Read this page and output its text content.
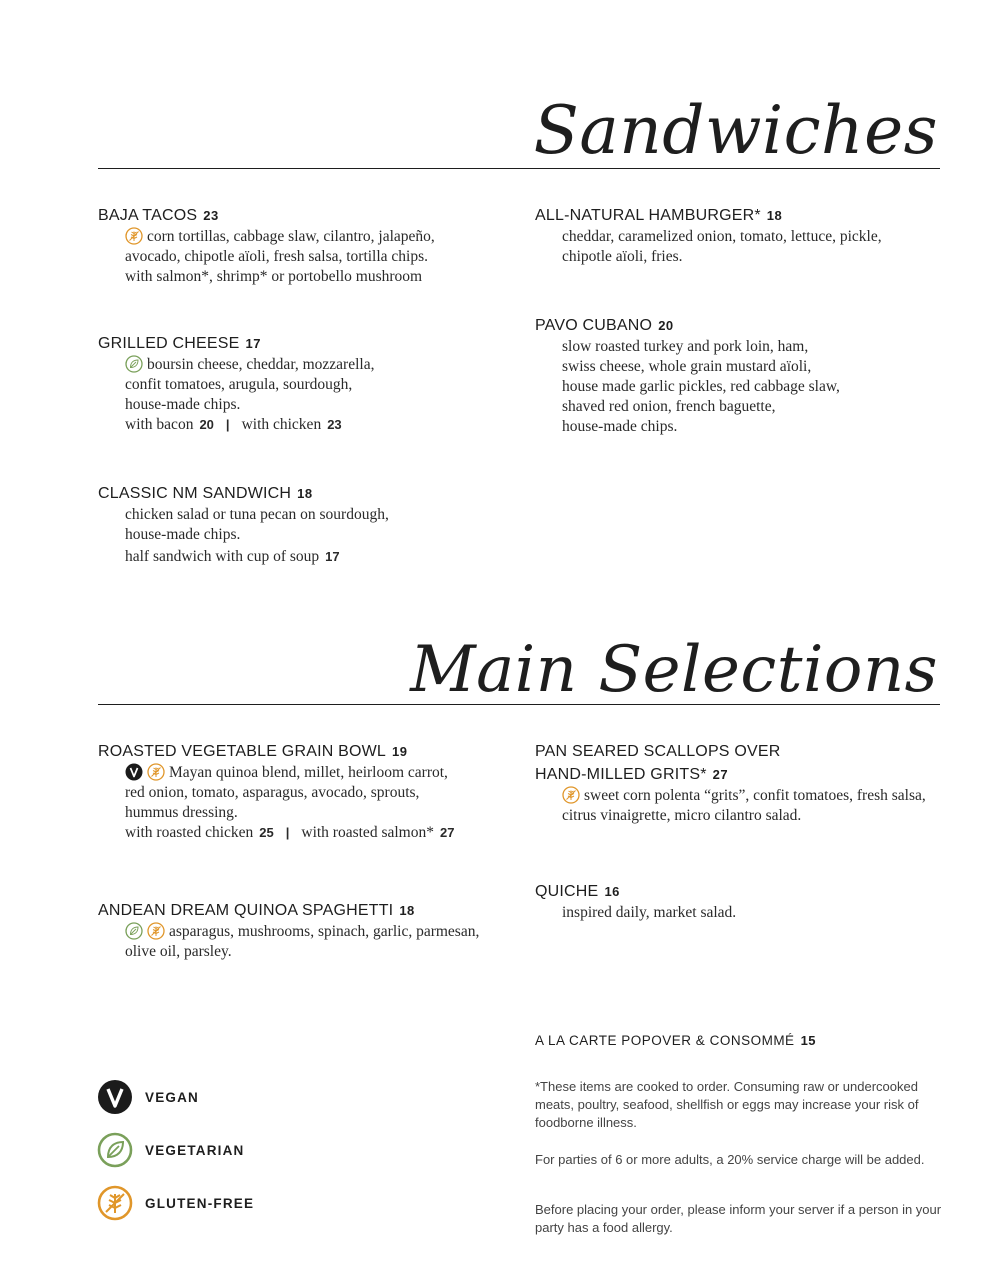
Sandwiches
BAJA TACOS 23

corn tortillas, cabbage slaw, cilantro, jalapeño,

avocado, chipotle aïoli, fresh salsa, tortilla chips.

with salmon*, shrimp* or portobello mushroom

GRILLED CHEESE 17

boursin cheese, cheddar, mozzarella,

confit tomatoes, arugula, sourdough,

house-made chips.

with bacon 20 | with chicken 23

CLASSIC NM SANDWICH 18

chicken salad or tuna pecan on sourdough,

house-made chips.

half sandwich with cup of soup 17

ALL-NATURAL HAMBURGER* 18

cheddar, caramelized onion, tomato, lettuce, pickle,

chipotle aïoli, fries.

PAVO CUBANO 20

slow roasted turkey and pork loin, ham,

swiss cheese, whole grain mustard aïoli,

house made garlic pickles, red cabbage slaw,

shaved red onion, french baguette,

house-made chips.

Main Selections
ROASTED VEGETABLE GRAIN BOWL 19

Mayan quinoa blend, millet, heirloom carrot,

red onion, tomato, asparagus, avocado, sprouts,

hummus dressing.

with roasted chicken 25 | with roasted salmon* 27

ANDEAN DREAM QUINOA SPAGHETTI 18

asparagus, mushrooms, spinach, garlic, parmesan,

olive oil, parsley.

PAN SEARED SCALLOPS OVER
HAND-MILLED GRITS* 27

sweet corn polenta “grits”, confit tomatoes, fresh salsa,

citrus vinaigrette, micro cilantro salad.

QUICHE 16

inspired daily, market salad.

A LA CARTE POPOVER & CONSOMMÉ 15
VEGAN
VEGETARIAN
GLUTEN-FREE

*These items are cooked to order. Consuming raw or undercooked meats, poultry, seafood, shellfish or eggs may increase your risk of foodborne illness.

For parties of 6 or more adults, a 20% service charge will be added.

Before placing your order, please inform your server if a person in your party has a food allergy.
